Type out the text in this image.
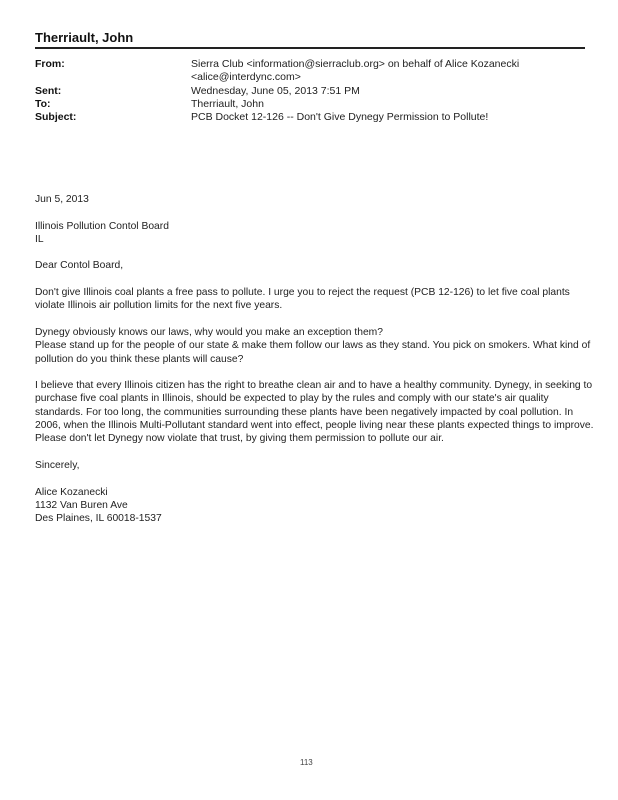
Therriault, John
From:	Sierra Club <information@sierraclub.org> on behalf of Alice Kozanecki <alice@interdync.com>
Sent:	Wednesday, June 05, 2013 7:51 PM
To:	Therriault, John
Subject:	PCB Docket 12-126 -- Don't Give Dynegy Permission to Pollute!

Jun 5, 2013

Illinois Pollution Contol Board
IL

Dear Contol Board,

Don't give Illinois coal plants a free pass to pollute. I urge you to reject the request (PCB 12-126) to let five coal plants violate Illinois air pollution limits for the next five years.

Dynegy obviously knows our laws, why would you make an exception them?
Please stand up for the people of our state & make them follow our laws as they stand. You pick on smokers. What kind of pollution do you think these plants will cause?

I believe that every Illinois citizen has the right to breathe clean air and to have a healthy community. Dynegy, in seeking to purchase five coal plants in Illinois, should be expected to play by the rules and comply with our state's air quality standards. For too long, the communities surrounding these plants have been negatively impacted by coal pollution. In 2006, when the Illinois Multi-Pollutant standard went into effect, people living near these plants expected things to improve. Please don't let Dynegy now violate that trust, by giving them permission to pollute our air.

Sincerely,

Alice Kozanecki
1132 Van Buren Ave
Des Plaines, IL 60018-1537

113
